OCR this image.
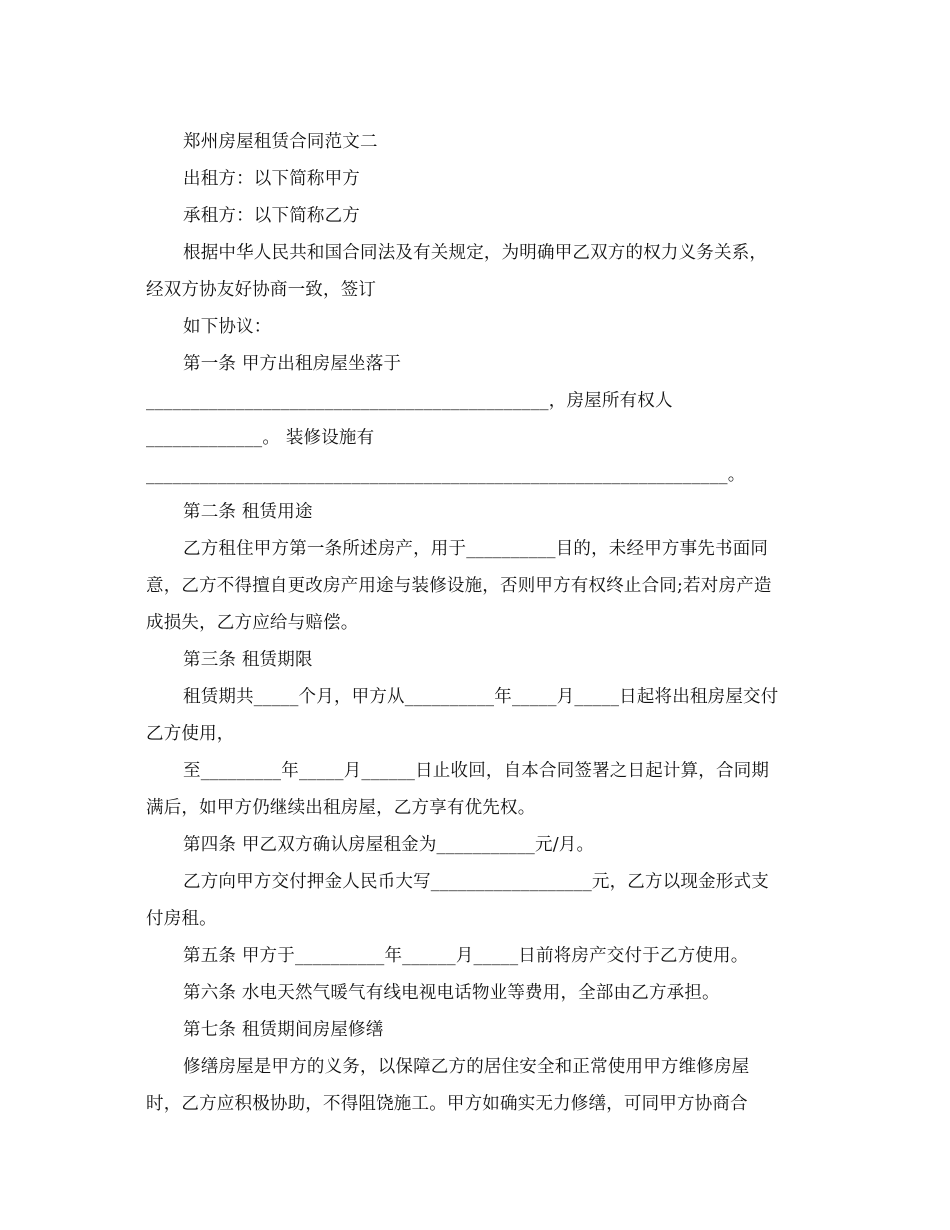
郑州房屋租赁合同范文二
出租方：以下简称甲方
承租方：以下简称乙方
根据中华人民共和国合同法及有关规定，为明确甲乙双方的权力义务关系，
经双方协友好协商一致，签订
如下协议：
第一条 甲方出租房屋坐落于
_____________________________________________，房屋所有权人
_____________。 装修设施有
_________________________________________________________________。
第二条 租赁用途
乙方租住甲方第一条所述房产，用于__________目的，未经甲方事先书面同
意，乙方不得擅自更改房产用途与装修设施，否则甲方有权终止合同;若对房产造
成损失，乙方应给与赔偿。
第三条 租赁期限
租赁期共_____个月，甲方从__________年_____月_____日起将出租房屋交付
乙方使用，
至_________年_____月______日止收回，自本合同签署之日起计算，合同期
满后，如甲方仍继续出租房屋，乙方享有优先权。
第四条 甲乙双方确认房屋租金为___________元/月。
乙方向甲方交付押金人民币大写__________________元，乙方以现金形式支
付房租。
第五条 甲方于__________年______月_____日前将房产交付于乙方使用。
第六条 水电天然气暖气有线电视电话物业等费用，全部由乙方承担。
第七条 租赁期间房屋修缮
修缮房屋是甲方的义务，以保障乙方的居住安全和正常使用甲方维修房屋
时，乙方应积极协助，不得阻饶施工。甲方如确实无力修缮，可同甲方协商合
